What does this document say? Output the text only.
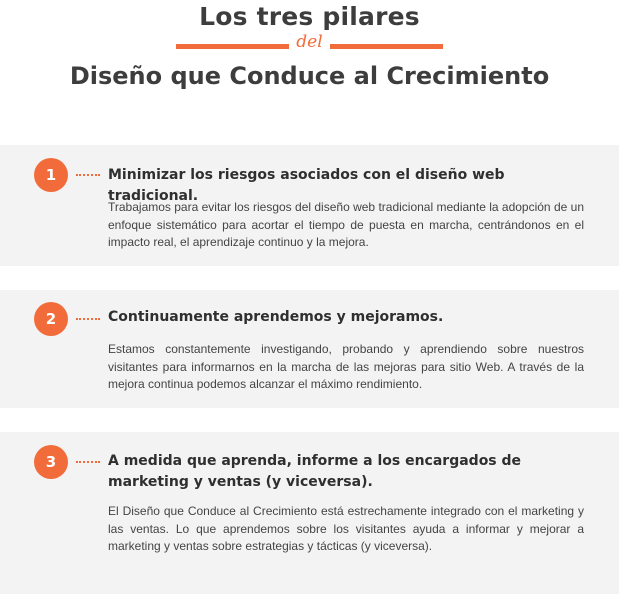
Los tres pilares
del
Diseño que Conduce al Crecimiento
1	Minimizar los riesgos asociados con el diseño web tradicional.
Trabajamos para evitar los riesgos del diseño web tradicional mediante la adopción de un enfoque sistemático para acortar el tiempo de puesta en marcha, centrándonos en el impacto real, el aprendizaje continuo y la mejora.
2	Continuamente aprendemos y mejoramos.
Estamos constantemente investigando, probando y aprendiendo sobre nuestros visitantes para informarnos en la marcha de las mejoras para sitio Web. A través de la mejora continua podemos alcanzar el máximo rendimiento.
3	A medida que aprenda, informe a los encargados de marketing y ventas (y viceversa).
El Diseño que Conduce al Crecimiento está estrechamente integrado con el marketing y las ventas. Lo que aprendemos sobre los visitantes ayuda a informar y mejorar a marketing y ventas sobre estrategias y tácticas (y viceversa).
